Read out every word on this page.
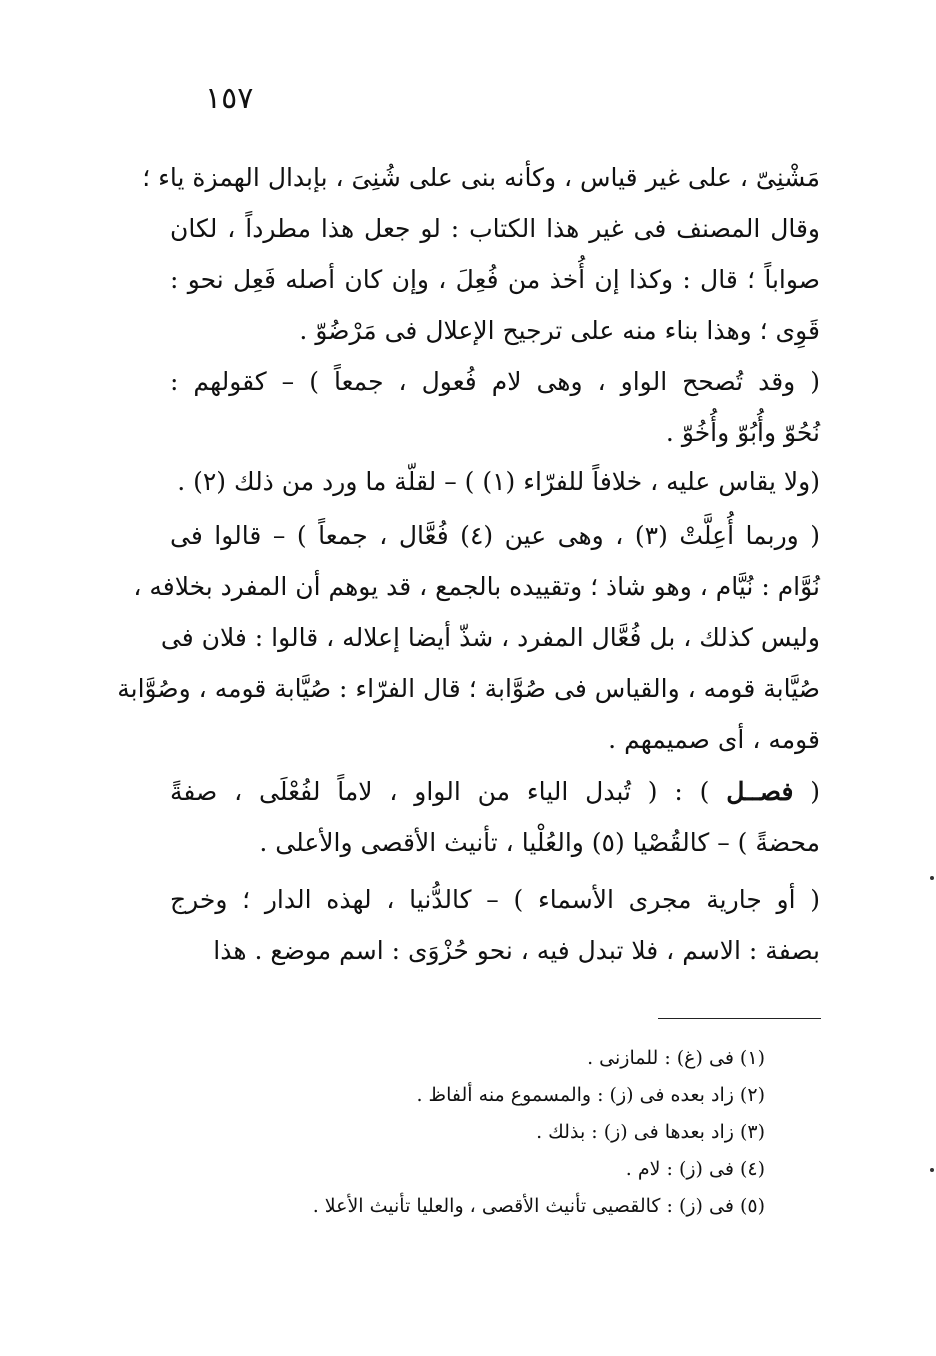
١٥٧
مَشْنِىّ ، على غير قياس ، وكأنه بنى على شُنِىَ ، بإبدال الهمزة ياء ؛
وقال المصنف فى غير هذا الكتاب : لو جعل هذا مطرداً ، لكان
صواباً ؛ قال : وكذا إن أُخذ من فُعِلَ ، وإن كان أصله فَعِل نحو :
قَوِى ؛ وهذا بناء منه على ترجيح الإعلال فى مَرْضُوّ .
( وقد تُصحح الواو ، وهى لام فُعول ، جمعاً ) – كقولهم :
نُحُوّ وأُبُوّ وأُخُوّ .
(ولا يقاس عليه ، خلافاً للفرّاء (١) ) – لقلّة ما ورد من ذلك (٢) .
( وربما أُعِلَّتْ (٣) ، وهى عين (٤) فُعَّال ، جمعاً ) – قالوا فى
نُوَّام : نُيَّام ، وهو شاذ ؛ وتقييده بالجمع ، قد يوهم أن المفرد بخلافه ،
وليس كذلك ، بل فُعَّال المفرد ، شذّ أيضا إعلاله ، قالوا : فلان فى
صُيَّابة قومه ، والقياس فى صُوَّابة ؛ قال الفرّاء : صُيَّابة قومه ، وصُوَّابة
قومه ، أى صميمهم .
( فصــل ) : ( تُبدل الياء من الواو ، لاماً لفُعْلَى ، صفةً
محضةً ) – كالقُصْيا (٥) والعُلْيا ، تأنيث الأقصى والأعلى .
( أو جارية مجرى الأسماء ) – كالدُّنيا ، لهذه الدار ؛ وخرج
بصفة : الاسم ، فلا تبدل فيه ، نحو حُزْوَى : اسم موضع . هذا
(١) فى (غ) : للمازنى .
(٢) زاد بعده فى (ز) : والمسموع منه ألفاظ .
(٣) زاد بعدها فى (ز) : بذلك .
(٤) فى (ز) : لام .
(٥) فى (ز) : كالقصيى تأنيث الأقصى ، والعليا تأنيث الأعلا .
